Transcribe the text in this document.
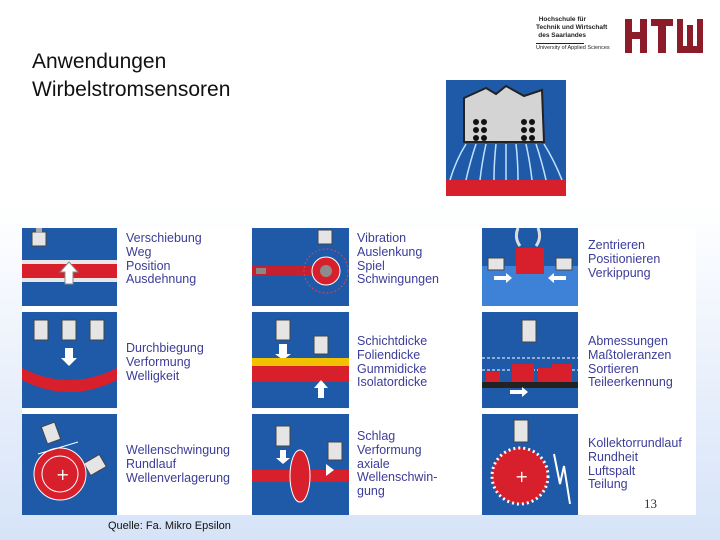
Anwendungen
Wirbelstromsensoren
Hochschule für
Technik und Wirtschaft
des Saarlandes
University of Applied Sciences
Verschiebung
Weg
Position
Ausdehnung
Vibration
Auslenkung
Spiel
Schwingungen
Zentrieren
Positionieren
Verkippung
Durchbiegung
Verformung
Welligkeit
Schichtdicke
Foliendicke
Gummidicke
Isolatordicke
Abmessungen
Maßtoleranzen
Sortieren
Teileerkennung
+
Wellenschwingung
Rundlauf
Wellenverlagerung
Schlag
Verformung
axiale
Wellenschwin-
gung
+
Kollektorrundlauf
Rundheit
Luftspalt
Teilung
13
Quelle: Fa. Mikro Epsilon
